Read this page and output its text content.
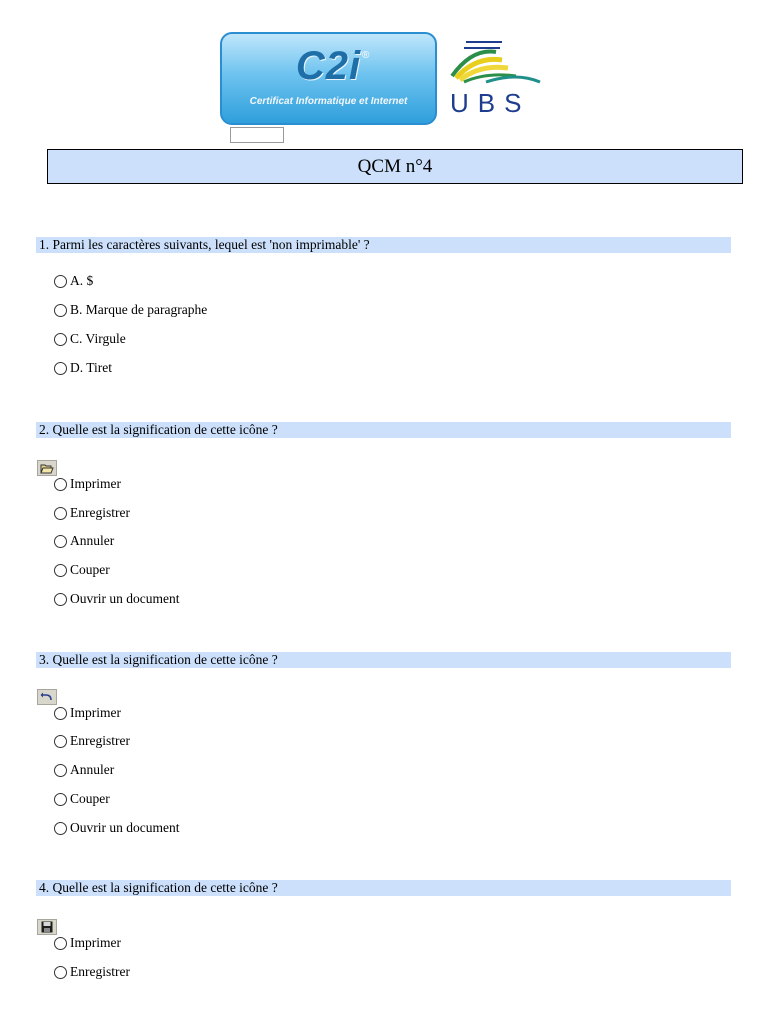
C2i ®
Certificat Informatique et Internet	UBS
QCM n°4
1. Parmi les caractères suivants, lequel est 'non imprimable' ?
A. $
B. Marque de paragraphe
C. Virgule
D. Tiret
2. Quelle est la signification de cette icône ?
Imprimer
Enregistrer
Annuler
Couper
Ouvrir un document
3. Quelle est la signification de cette icône ?
Imprimer
Enregistrer
Annuler
Couper
Ouvrir un document
4. Quelle est la signification de cette icône ?
Imprimer
Enregistrer
